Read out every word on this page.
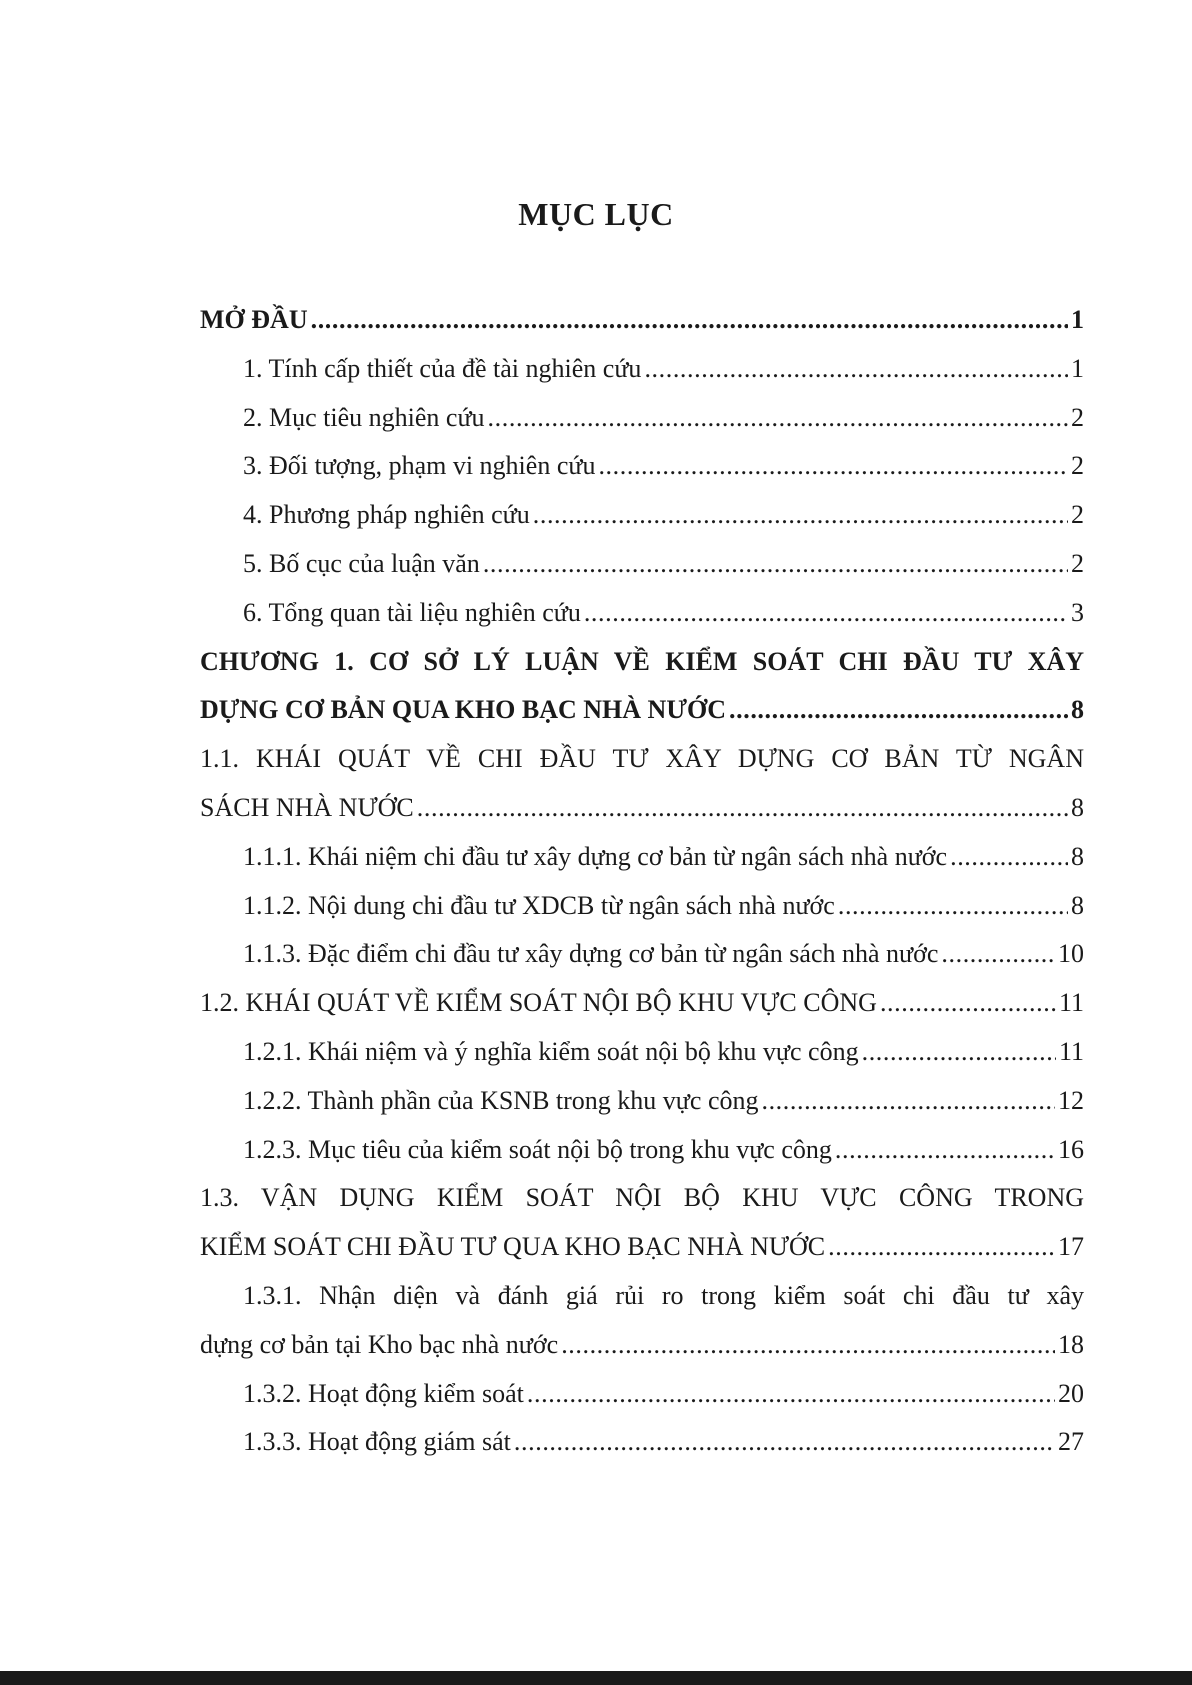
MỤC LỤC
MỞ ĐẦU .....	1
1. Tính cấp thiết của đề tài nghiên cứu .....	1
2. Mục tiêu nghiên cứu .....	2
3. Đối tượng, phạm vi nghiên cứu .....	2
4. Phương pháp nghiên cứu .....	2
5. Bố cục của luận văn .....	2
6. Tổng quan tài liệu nghiên cứu .....	3
CHƯƠNG 1. CƠ SỞ LÝ LUẬN VỀ KIỂM SOÁT CHI ĐẦU TƯ XÂY
DỰNG CƠ BẢN QUA KHO BẠC NHÀ NƯỚC .....	8
1.1. KHÁI QUÁT VỀ CHI ĐẦU TƯ XÂY DỰNG CƠ BẢN TỪ NGÂN
SÁCH NHÀ NƯỚC .....	8
1.1.1. Khái niệm chi đầu tư xây dựng cơ bản từ ngân sách nhà nước .....	8
1.1.2. Nội dung chi đầu tư XDCB từ ngân sách nhà nước .....	8
1.1.3. Đặc điểm chi đầu tư xây dựng cơ bản từ ngân sách nhà nước .....	10
1.2. KHÁI QUÁT VỀ KIỂM SOÁT NỘI BỘ KHU VỰC CÔNG .....	11
1.2.1. Khái niệm và ý nghĩa kiểm soát nội bộ khu vực công .....	11
1.2.2. Thành phần của KSNB trong khu vực công .....	12
1.2.3. Mục tiêu của kiểm soát nội bộ trong khu vực công .....	16
1.3. VẬN DỤNG KIỂM SOÁT NỘI BỘ KHU VỰC CÔNG TRONG
KIỂM SOÁT CHI ĐẦU TƯ QUA KHO BẠC NHÀ NƯỚC .....	17
1.3.1. Nhận diện và đánh giá rủi ro trong kiểm soát chi đầu tư xây
dựng cơ bản tại Kho bạc nhà nước .....	18
1.3.2. Hoạt động kiểm soát .....	20
1.3.3. Hoạt động giám sát .....	27
